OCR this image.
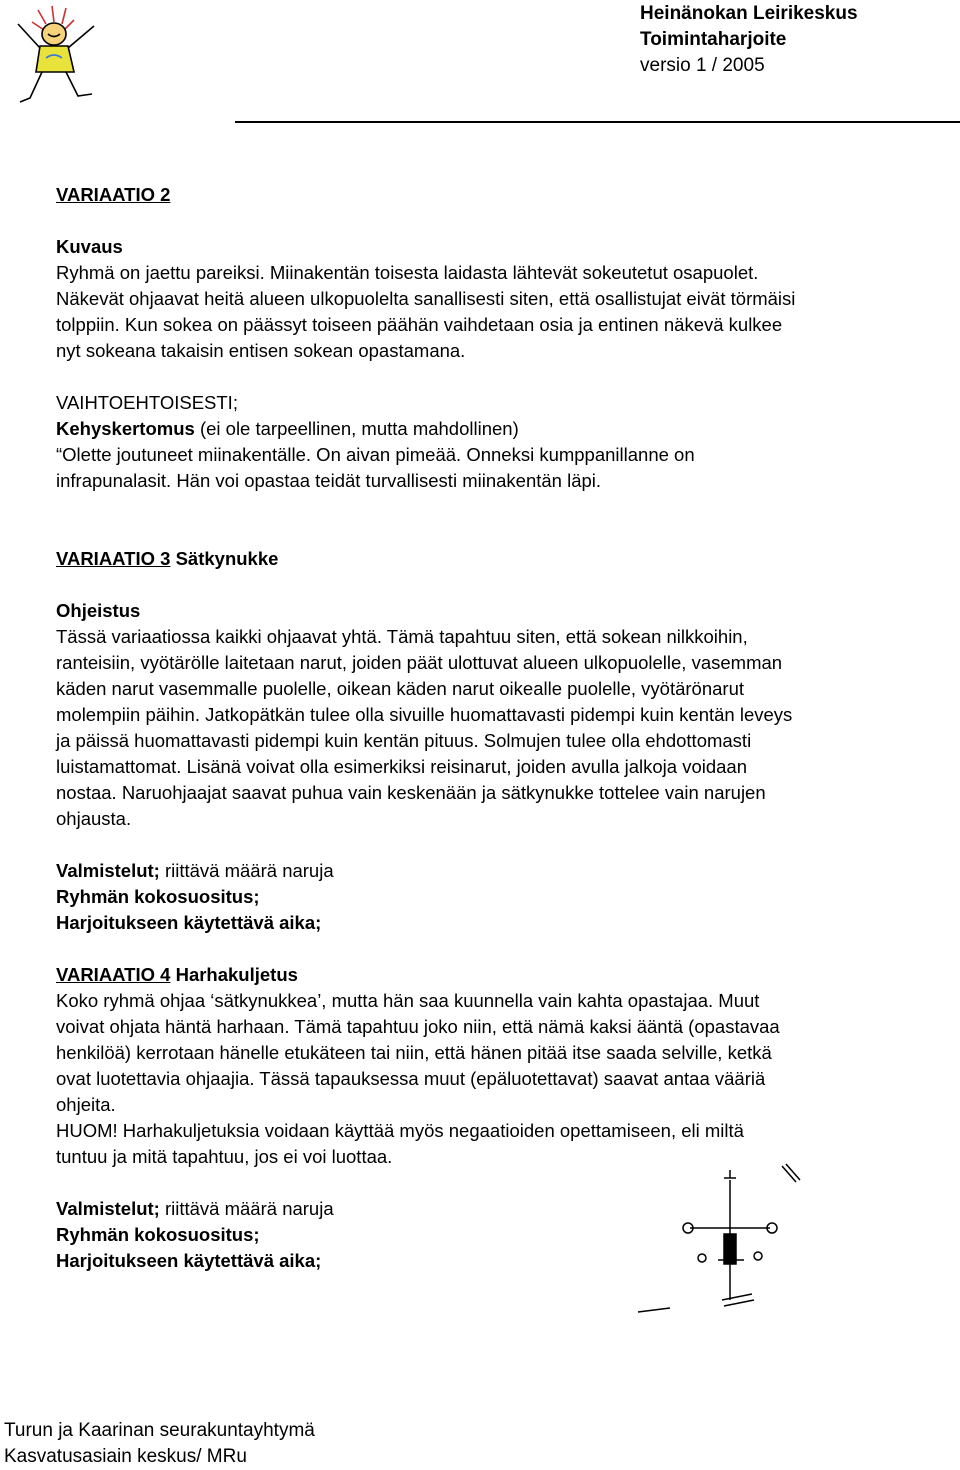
Heinänokan Leirikeskus
Toimintaharjoite
versio 1 / 2005
VARIAATIO 2
Kuvaus
Ryhmä on jaettu pareiksi. Miinakentän toisesta laidasta lähtevät sokeutetut osapuolet.
Näkevät ohjaavat heitä alueen ulkopuolelta sanallisesti siten, että osallistujat eivät törmäisi
tolppiin. Kun sokea on päässyt toiseen päähän vaihdetaan osia ja entinen näkevä kulkee
nyt sokeana takaisin entisen sokean opastamana.
VAIHTOEHTOISESTI;
Kehyskertomus (ei ole tarpeellinen, mutta mahdollinen)
“Olette joutuneet miinakentälle. On aivan pimeää. Onneksi kumppanillanne on
infrapunalasit. Hän voi opastaa teidät turvallisesti miinakentän läpi.
VARIAATIO 3 Sätkynukke
Ohjeistus
Tässä variaatiossa kaikki ohjaavat yhtä. Tämä tapahtuu siten, että sokean nilkkoihin,
ranteisiin, vyötärölle laitetaan narut, joiden päät ulottuvat alueen ulkopuolelle, vasemman
käden narut vasemmalle puolelle, oikean käden narut oikealle puolelle, vyötärönarut
molempiin päihin. Jatkopätkän tulee olla sivuille huomattavasti pidempi kuin kentän leveys
ja päissä huomattavasti pidempi kuin kentän pituus. Solmujen tulee olla ehdottomasti
luistamattomat. Lisänä voivat olla esimerkiksi reisinarut, joiden avulla jalkoja voidaan
nostaa. Naruohjaajat saavat puhua vain keskenään ja sätkynukke tottelee vain narujen
ohjausta.
Valmistelut; riittävä määrä naruja
Ryhmän kokosuositus;
Harjoitukseen käytettävä aika;
VARIAATIO 4 Harhakuljetus
Koko ryhmä ohjaa ‘sätkynukkea’, mutta hän saa kuunnella vain kahta opastajaa. Muut
voivat ohjata häntä harhaan. Tämä tapahtuu joko niin, että nämä kaksi ääntä (opastavaa
henkilöä) kerrotaan hänelle etukäteen tai niin, että hänen pitää itse saada selville, ketkä
ovat luotettavia ohjaajia. Tässä tapauksessa muut (epäluotettavat) saavat antaa vääriä
ohjeita.
HUOM! Harhakuljetuksia voidaan käyttää myös negaatioiden opettamiseen, eli miltä
tuntuu ja mitä tapahtuu, jos ei voi luottaa.
Valmistelut; riittävä määrä naruja
Ryhmän kokosuositus;
Harjoitukseen käytettävä aika;
Turun ja Kaarinan seurakuntayhtymä
Kasvatusasiain keskus/ MRu
